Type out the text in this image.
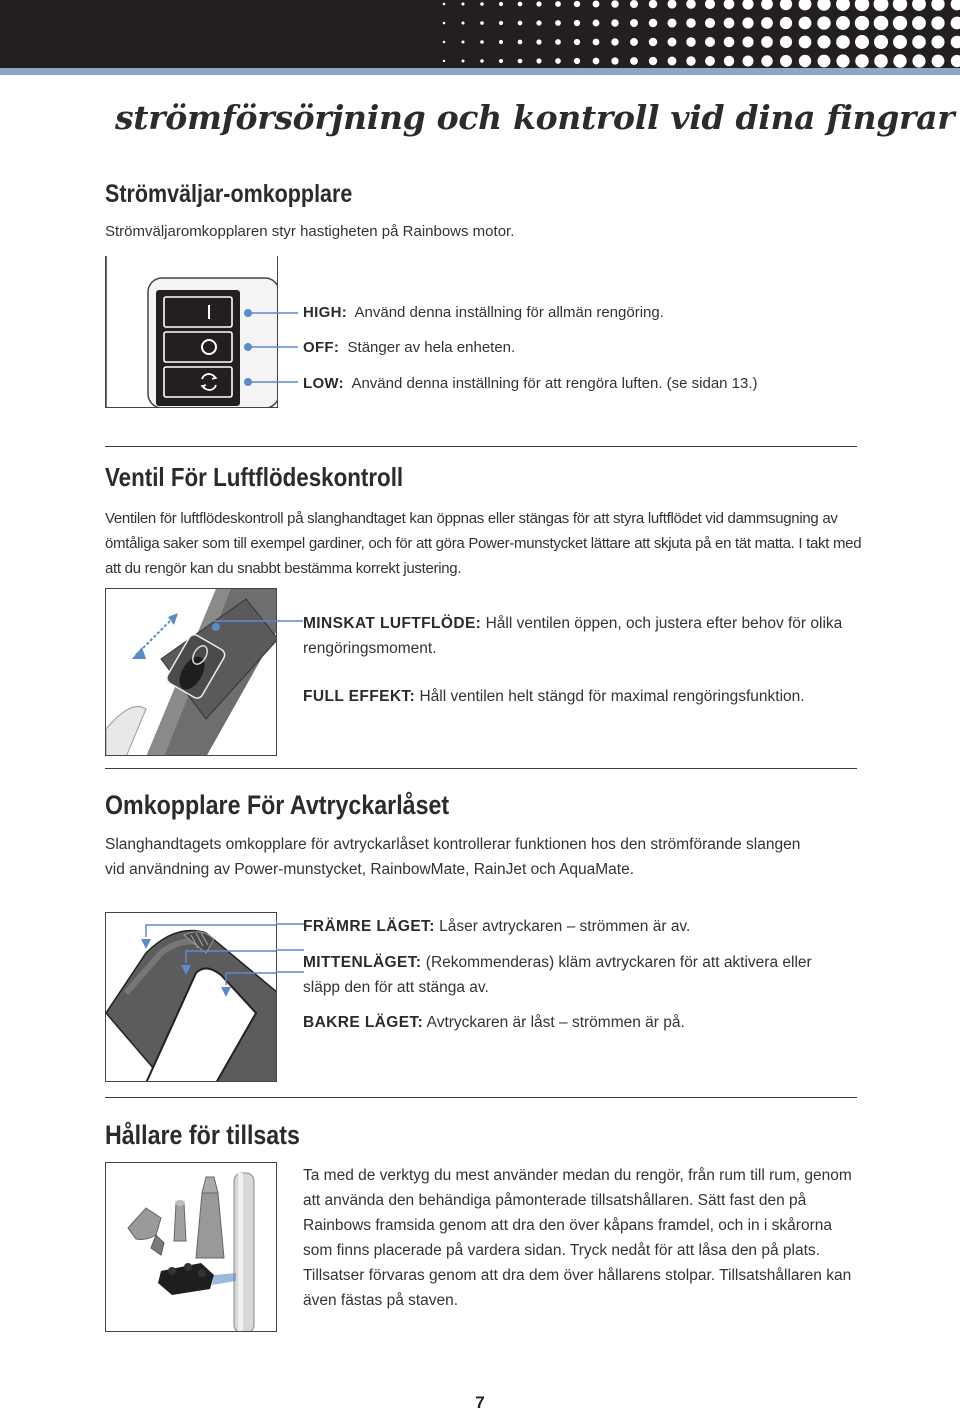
strömförsörjning och kontroll vid dina fingrar
Strömväljar-omkopplare
Strömväljaromkopplaren styr hastigheten på Rainbows motor.
HIGH: Använd denna inställning för allmän rengöring.
OFF: Stänger av hela enheten.
LOW: Använd denna inställning för att rengöra luften. (se sidan 13.)
Ventil För Luftflödeskontroll
Ventilen för luftflödeskontroll på slanghandtaget kan öppnas eller stängas för att styra luftflödet vid dammsugning av ömtåliga saker som till exempel gardiner, och för att göra Power-munstycket lättare att skjuta på en tät matta. I takt med att du rengör kan du snabbt bestämma korrekt justering.
MINSKAT LUFTFLÖDE: Håll ventilen öppen, och justera efter behov för olika rengöringsmoment.
FULL EFFEKT: Håll ventilen helt stängd för maximal rengöringsfunktion.
Omkopplare För Avtryckarlåset
Slanghandtagets omkopplare för avtryckarlåset kontrollerar funktionen hos den strömförande slangen vid användning av Power-munstycket, RainbowMate, RainJet och AquaMate.
FRÄMRE LÄGET: Låser avtryckaren – strömmen är av.
MITTENLÄGET: (Rekommenderas) kläm avtryckaren för att aktivera eller släpp den för att stänga av.
BAKRE LÄGET: Avtryckaren är låst – strömmen är på.
Hållare för tillsats
Ta med de verktyg du mest använder medan du rengör, från rum till rum, genom att använda den behändiga påmonterade tillsatshållaren. Sätt fast den på Rainbows framsida genom att dra den över kåpans framdel, och in i skårorna som finns placerade på vardera sidan. Tryck nedåt för att låsa den på plats. Tillsatser förvaras genom att dra dem över hållarens stolpar. Tillsatshållaren kan även fästas på staven.
7
